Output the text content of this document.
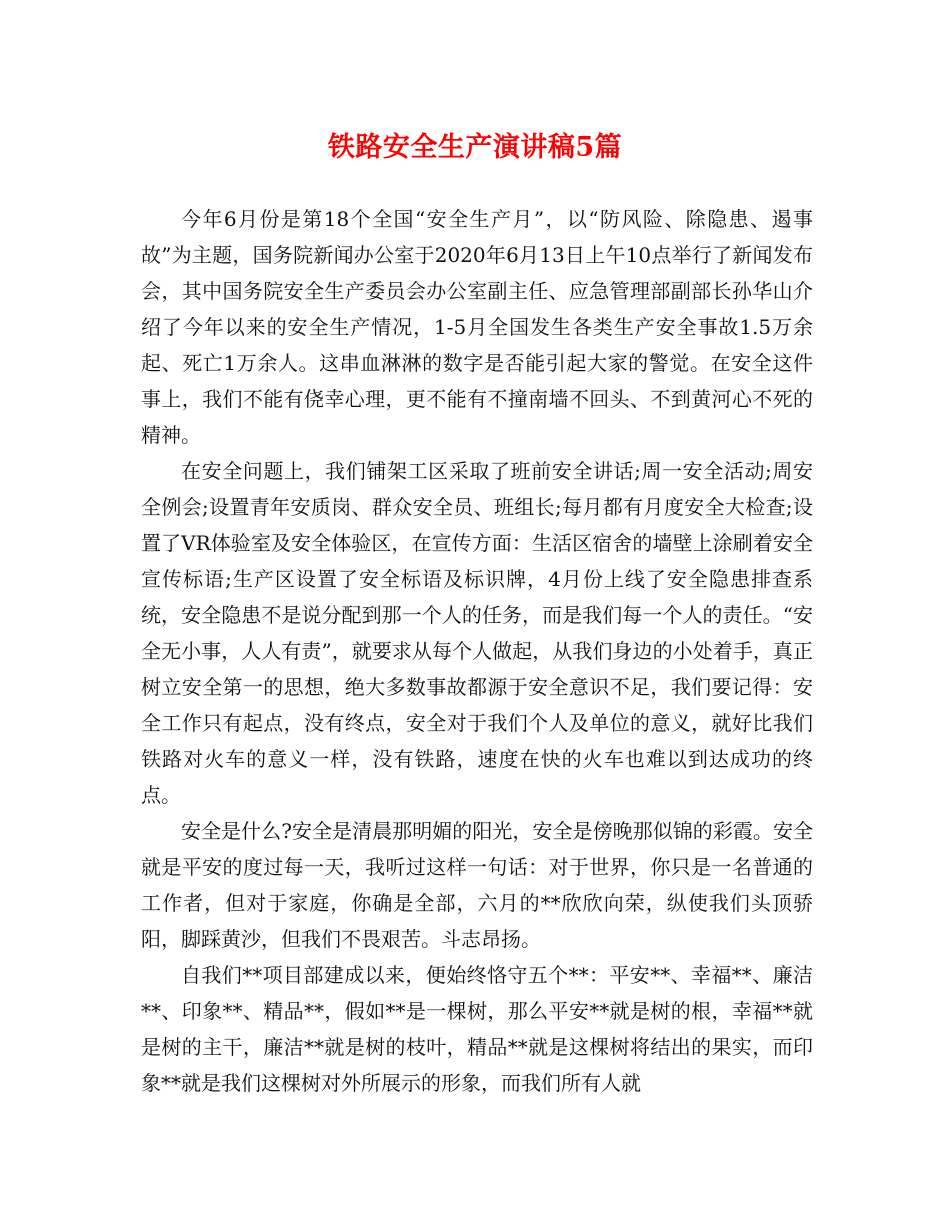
铁路安全生产演讲稿5篇

今年6月份是第18个全国“安全生产月”，以“防风险、除隐患、遏事故”为主题，国务院新闻办公室于2020年6月13日上午10点举行了新闻发布会，其中国务院安全生产委员会办公室副主任、应急管理部副部长孙华山介绍了今年以来的安全生产情况，1-5月全国发生各类生产安全事故1.5万余起、死亡1万余人。这串血淋淋的数字是否能引起大家的警觉。在安全这件事上，我们不能有侥幸心理，更不能有不撞南墙不回头、不到黄河心不死的精神。

在安全问题上，我们铺架工区采取了班前安全讲话;周一安全活动;周安全例会;设置青年安质岗、群众安全员、班组长;每月都有月度安全大检查;设置了VR体验室及安全体验区，在宣传方面：生活区宿舍的墙壁上涂刷着安全宣传标语;生产区设置了安全标语及标识牌，4月份上线了安全隐患排查系统，安全隐患不是说分配到那一个人的任务，而是我们每一个人的责任。“安全无小事，人人有责”，就要求从每个人做起，从我们身边的小处着手，真正树立安全第一的思想，绝大多数事故都源于安全意识不足，我们要记得：安全工作只有起点，没有终点，安全对于我们个人及单位的意义，就好比我们铁路对火车的意义一样，没有铁路，速度在快的火车也难以到达成功的终点。

安全是什么?安全是清晨那明媚的阳光，安全是傍晚那似锦的彩霞。安全就是平安的度过每一天，我听过这样一句话：对于世界，你只是一名普通的工作者，但对于家庭，你确是全部，六月的**欣欣向荣，纵使我们头顶骄阳，脚踩黄沙，但我们不畏艰苦。斗志昂扬。

自我们**项目部建成以来，便始终恪守五个**：平安**、幸福**、廉洁**、印象**、精品**，假如**是一棵树，那么平安**就是树的根，幸福**就是树的主干，廉洁**就是树的枝叶，精品**就是这棵树将结出的果实，而印象**就是我们这棵树对外所展示的形象，而我们所有人就
